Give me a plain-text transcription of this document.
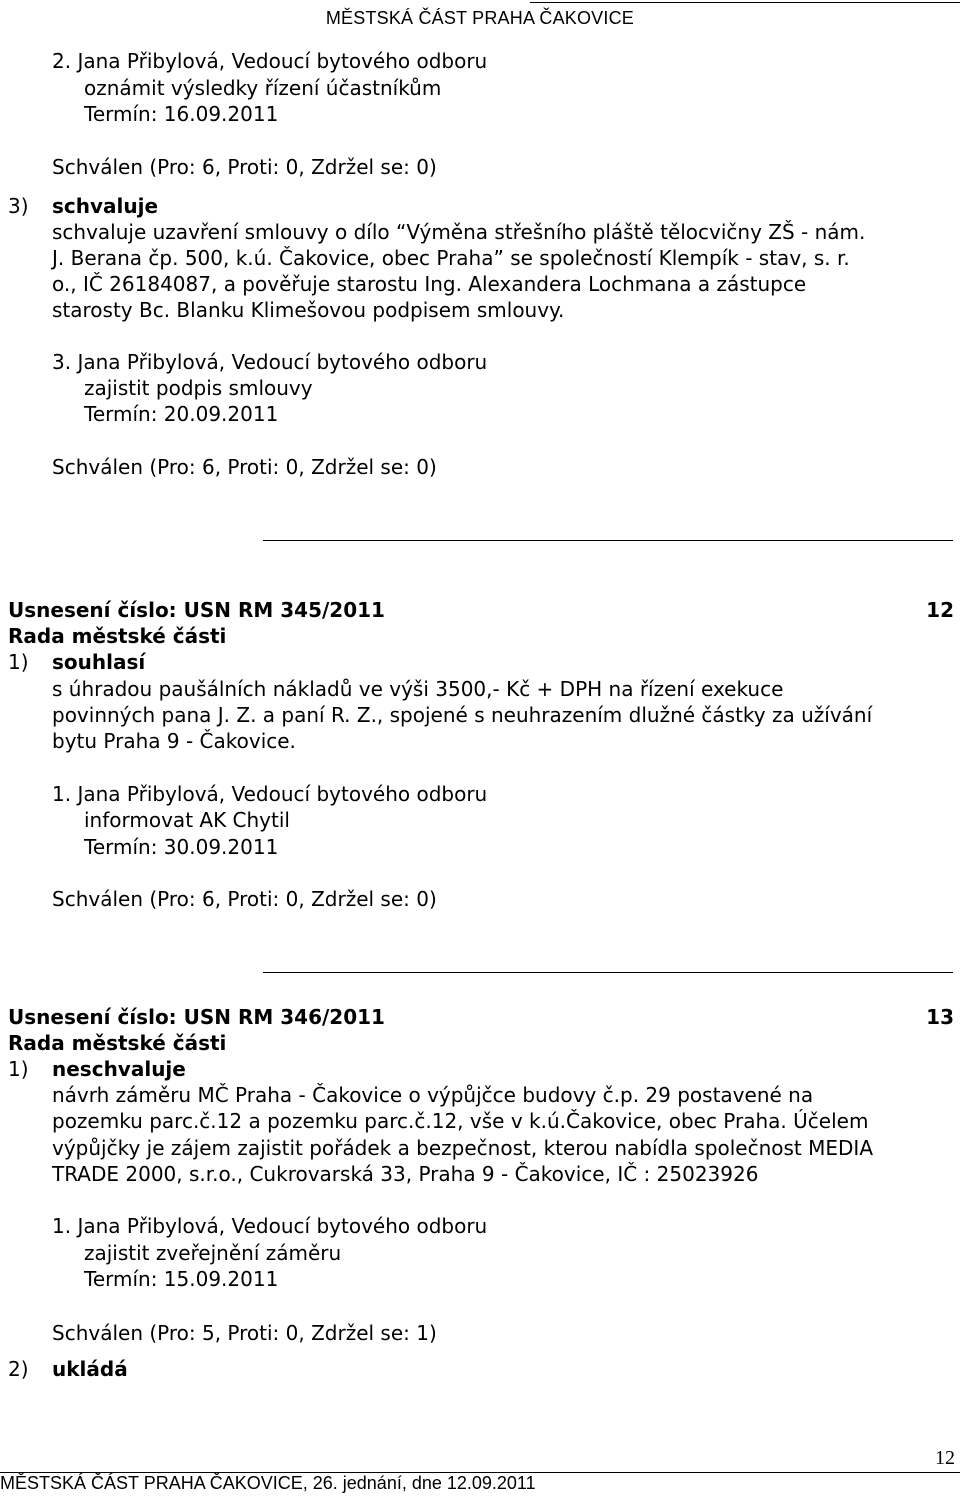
MĚSTSKÁ ČÁST PRAHA ČAKOVICE
2. Jana Přibylová, Vedoucí bytového odboru
oznámit výsledky řízení účastníkům
Termín: 16.09.2011
Schválen (Pro: 6, Proti: 0, Zdržel se: 0)
3) schvaluje
schvaluje uzavření smlouvy o dílo “Výměna střešního pláště tělocvičny ZŠ - nám.
J. Berana čp. 500, k.ú. Čakovice, obec Praha” se společností Klempík - stav, s. r.
o., IČ 26184087, a pověřuje starostu Ing. Alexandera Lochmana a zástupce
starosty Bc. Blanku Klimešovou podpisem smlouvy.
3. Jana Přibylová, Vedoucí bytového odboru
zajistit podpis smlouvy
Termín: 20.09.2011
Schválen (Pro: 6, Proti: 0, Zdržel se: 0)
Usnesení číslo: USN RM 345/2011	12
Rada městské části
1) souhlasí
s úhradou paušálních nákladů ve výši 3500,- Kč + DPH na řízení exekuce
povinných pana J. Z. a paní R. Z., spojené s neuhrazením dlužné částky za užívání
bytu Praha 9 - Čakovice.
1. Jana Přibylová, Vedoucí bytového odboru
informovat AK Chytil
Termín: 30.09.2011
Schválen (Pro: 6, Proti: 0, Zdržel se: 0)
Usnesení číslo: USN RM 346/2011	13
Rada městské části
1) neschvaluje
návrh záměru MČ Praha - Čakovice o výpůjčce budovy č.p. 29 postavené na
pozemku parc.č.12 a pozemku parc.č.12, vše v k.ú.Čakovice, obec Praha. Účelem
výpůjčky je zájem zajistit pořádek a bezpečnost, kterou nabídla společnost MEDIA
TRADE 2000, s.r.o., Cukrovarská 33, Praha 9 - Čakovice, IČ : 25023926
1. Jana Přibylová, Vedoucí bytového odboru
zajistit zveřejnění záměru
Termín: 15.09.2011
Schválen (Pro: 5, Proti: 0, Zdržel se: 1)
2) ukládá
12
MĚSTSKÁ ČÁST PRAHA ČAKOVICE, 26. jednání, dne 12.09.2011
